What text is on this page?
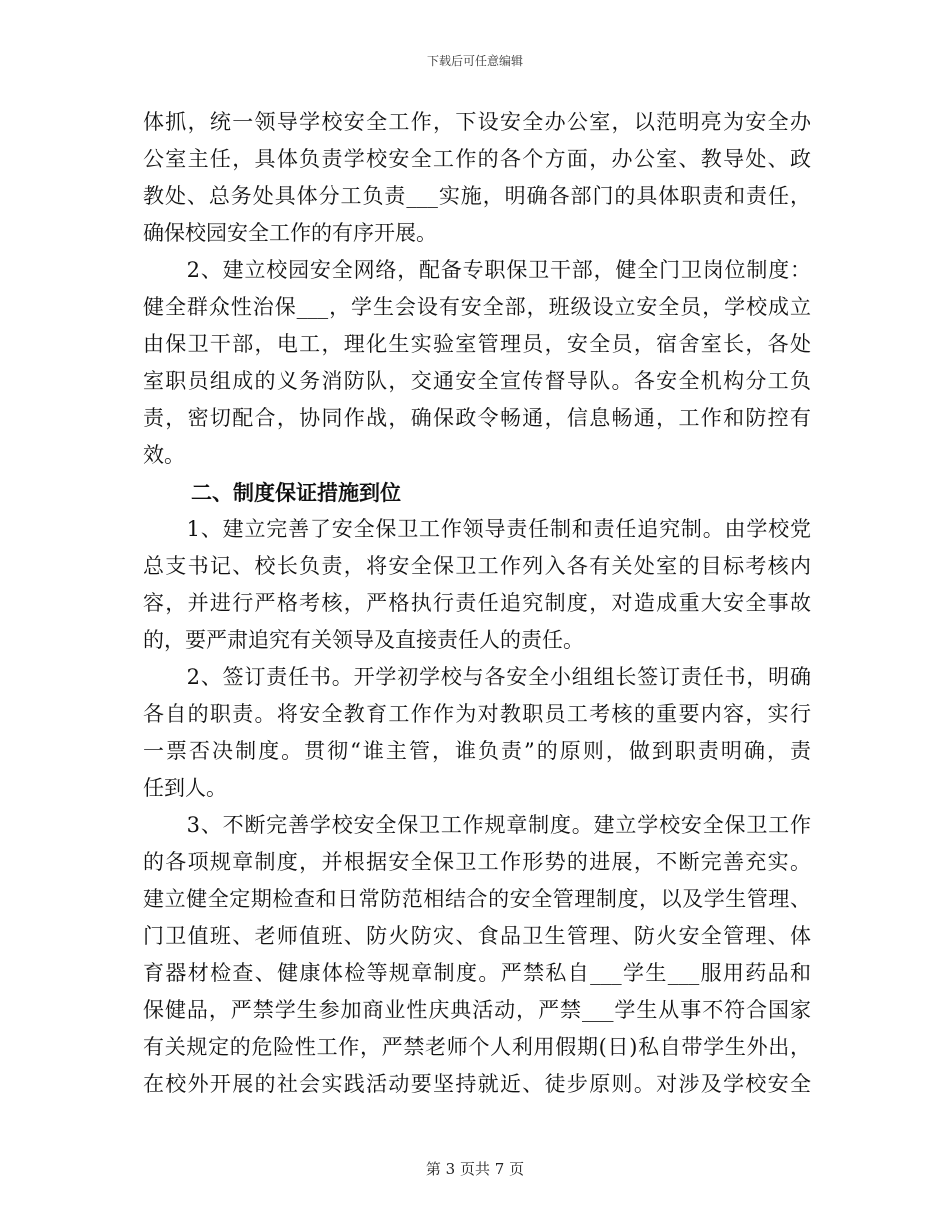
下载后可任意编辑
体抓，统一领导学校安全工作，下设安全办公室，以范明亮为安全办
公室主任，具体负责学校安全工作的各个方面，办公室、教导处、政
教处、总务处具体分工负责___实施，明确各部门的具体职责和责任，
确保校园安全工作的有序开展。
　　2、建立校园安全网络，配备专职保卫干部，健全门卫岗位制度：
健全群众性治保___，学生会设有安全部，班级设立安全员，学校成立
由保卫干部，电工，理化生实验室管理员，安全员，宿舍室长，各处
室职员组成的义务消防队，交通安全宣传督导队。各安全机构分工负
责，密切配合，协同作战，确保政令畅通，信息畅通，工作和防控有
效。
二、制度保证措施到位
　　1、建立完善了安全保卫工作领导责任制和责任追究制。由学校党
总支书记、校长负责，将安全保卫工作列入各有关处室的目标考核内
容，并进行严格考核，严格执行责任追究制度，对造成重大安全事故
的，要严肃追究有关领导及直接责任人的责任。
　　2、签订责任书。开学初学校与各安全小组组长签订责任书，明确
各自的职责。将安全教育工作作为对教职员工考核的重要内容，实行
一票否决制度。贯彻“谁主管，谁负责”的原则，做到职责明确，责
任到人。
　　3、不断完善学校安全保卫工作规章制度。建立学校安全保卫工作
的各项规章制度，并根据安全保卫工作形势的进展，不断完善充实。
建立健全定期检查和日常防范相结合的安全管理制度，以及学生管理、
门卫值班、老师值班、防火防灾、食品卫生管理、防火安全管理、体
育器材检查、健康体检等规章制度。严禁私自___学生___服用药品和
保健品，严禁学生参加商业性庆典活动，严禁___学生从事不符合国家
有关规定的危险性工作，严禁老师个人利用假期(日)私自带学生外出，
在校外开展的社会实践活动要坚持就近、徒步原则。对涉及学校安全
第 3 页共 7 页
